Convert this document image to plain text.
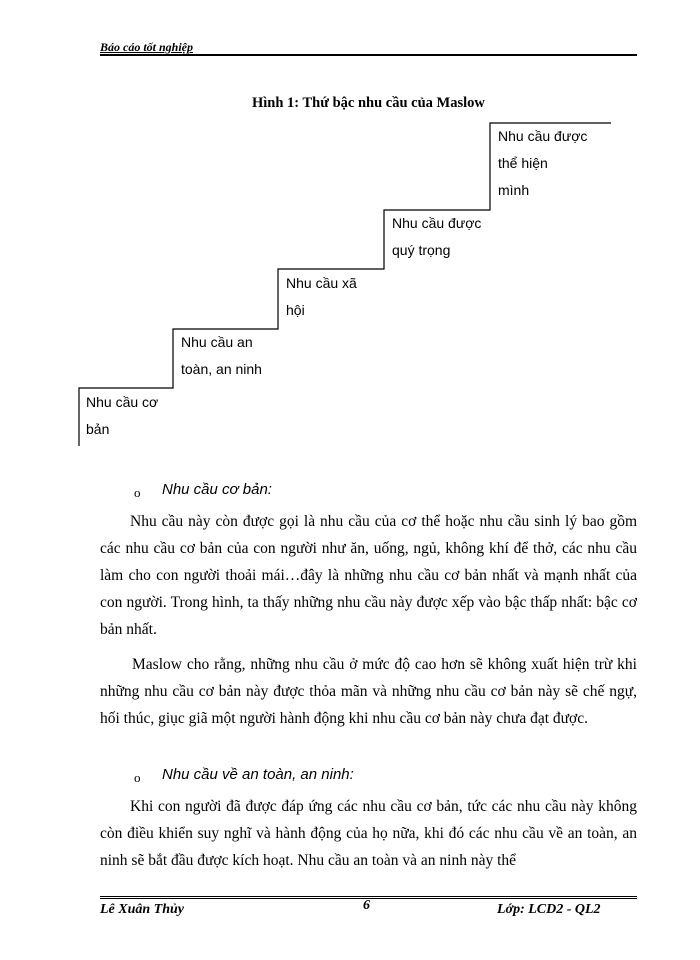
Báo cáo tốt nghiệp
Hình 1: Thứ bậc nhu cầu của Maslow
Nhu cầu cơ
bản
Nhu cầu an
toàn, an ninh
Nhu cầu xã
hội
Nhu cầu được
quý trọng
Nhu cầu được
thể hiện
mình
o Nhu cầu cơ bản:
Nhu cầu này còn được gọi là nhu cầu của cơ thể hoặc nhu cầu sinh lý bao gồm các nhu cầu cơ bản của con người như ăn, uống, ngủ, không khí để thở, các nhu cầu làm cho con người thoải mái…đây là những nhu cầu cơ bản nhất và mạnh nhất của con người. Trong hình, ta thấy những nhu cầu này được xếp vào bậc thấp nhất: bậc cơ bản nhất.
Maslow cho rằng, những nhu cầu ở mức độ cao hơn sẽ không xuất hiện trừ khi những nhu cầu cơ bản này được thỏa mãn và những nhu cầu cơ bản này sẽ chế ngự, hối thúc, giục giã một người hành động khi nhu cầu cơ bản này chưa đạt được.
o Nhu cầu về an toàn, an ninh:
Khi con người đã được đáp ứng các nhu cầu cơ bản, tức các nhu cầu này không còn điều khiển suy nghĩ và hành động của họ nữa, khi đó các nhu cầu về an toàn, an ninh sẽ bắt đầu được kích hoạt. Nhu cầu an toàn và an ninh này thể
Lê Xuân Thủy	6	Lớp: LCD2 - QL2
